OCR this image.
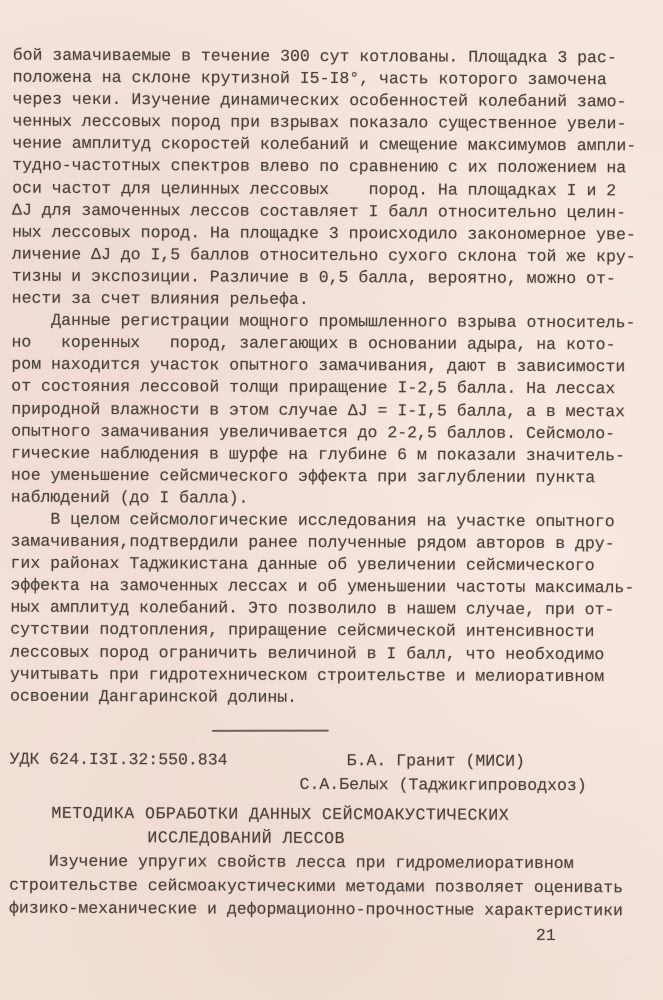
бой замачиваемые в течение 300 сут котлованы. Площадка 3 рас-
положена на склоне крутизной I5-I8°, часть которого замочена
через чеки. Изучение динамических особенностей колебаний замо-
ченных лессовых пород при взрывах показало существенное увели-
чение амплитуд скоростей колебаний и смещение максимумов ампли-
тудно-частотных спектров влево по сравнению с их положением на
оси частот для целинных лессовых    пород. На площадках I и 2
ΔJ для замоченных лессов составляет I балл относительно целин-
ных лессовых пород. На площадке 3 происходило закономерное уве-
личение ΔJ до I,5 баллов относительно сухого склона той же кру-
тизны и экспозиции. Различие в 0,5 балла, вероятно, можно от-
нести за счет влияния рельефа.
Данные регистрации мощного промышленного взрыва относитель-
но   коренных   пород, залегающих в основании адыра, на кото-
ром находится участок опытного замачивания, дают в зависимости
от состояния лессовой толщи приращение I-2,5 балла. На лессах
природной влажности в этом случае ΔJ = I-I,5 балла, а в местах
опытного замачивания увеличивается до 2-2,5 баллов. Сейсмоло-
гические наблюдения в шурфе на глубине 6 м показали значитель-
ное уменьшение сейсмического эффекта при заглублении пункта
наблюдений (до I балла).
В целом сейсмологические исследования на участке опытного
замачивания,подтвердили ранее полученные рядом авторов в дру-
гих районах Таджикистана данные об увеличении сейсмического
эффекта на замоченных лессах и об уменьшении частоты максималь-
ных амплитуд колебаний. Это позволило в нашем случае, при от-
сутствии подтопления, приращение сейсмической интенсивности
лессовых пород ограничить величиной в I балл, что необходимо
учитывать при гидротехническом строительстве и мелиоративном
освоении Дангаринской долины.
УДК 624.I3I.32:550.834	Б.А. Гранит (МИСИ)
С.А.Белых (Таджикгипроводхоз)
МЕТОДИКА ОБРАБОТКИ ДАННЫХ СЕЙСМОАКУСТИЧЕСКИХ
ИССЛЕДОВАНИЙ ЛЕССОВ
Изучение упругих свойств лесса при гидромелиоративном
строительстве сейсмоакустическими методами позволяет оценивать
физико-механические и деформационно-прочностные характеристики
21
